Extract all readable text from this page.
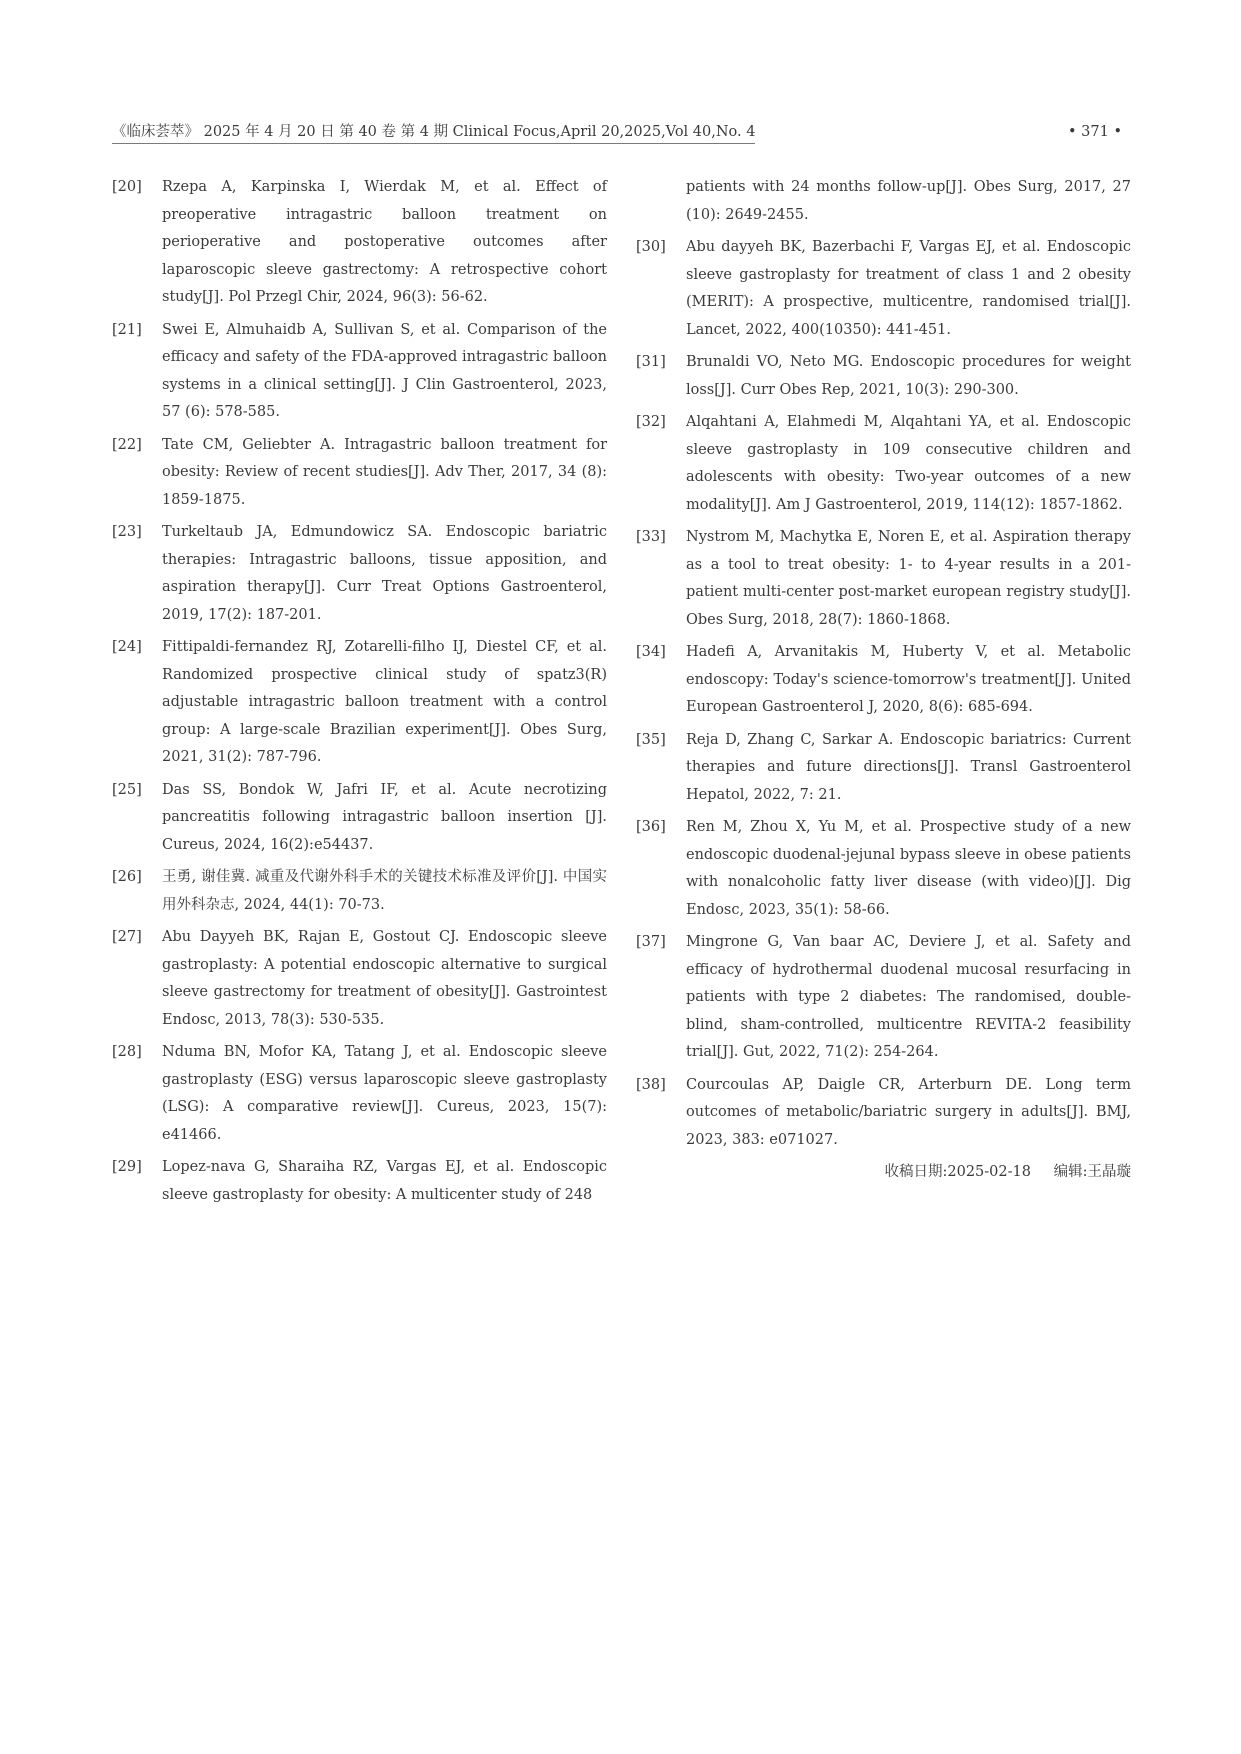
《临床荟萃》 2025 年 4 月 20 日 第 40 卷 第 4 期 Clinical Focus,April 20,2025,Vol 40,No. 4	• 371 •
[20] Rzepa A, Karpinska I, Wierdak M, et al. Effect of preoperative intragastric balloon treatment on perioperative and postoperative outcomes after laparoscopic sleeve gastrectomy: A retrospective cohort study[J]. Pol Przegl Chir, 2024, 96(3): 56-62.
[21] Swei E, Almuhaidb A, Sullivan S, et al. Comparison of the efficacy and safety of the FDA-approved intragastric balloon systems in a clinical setting[J]. J Clin Gastroenterol, 2023, 57 (6): 578-585.
[22] Tate CM, Geliebter A. Intragastric balloon treatment for obesity: Review of recent studies[J]. Adv Ther, 2017, 34 (8): 1859-1875.
[23] Turkeltaub JA, Edmundowicz SA. Endoscopic bariatric therapies: Intragastric balloons, tissue apposition, and aspiration therapy[J]. Curr Treat Options Gastroenterol, 2019, 17(2): 187-201.
[24] Fittipaldi-fernandez RJ, Zotarelli-filho IJ, Diestel CF, et al. Randomized prospective clinical study of spatz3(R) adjustable intragastric balloon treatment with a control group: A large-scale Brazilian experiment[J]. Obes Surg, 2021, 31(2): 787-796.
[25] Das SS, Bondok W, Jafri IF, et al. Acute necrotizing pancreatitis following intragastric balloon insertion [J]. Cureus, 2024, 16(2):e54437.
[26] 王勇, 谢佳冀. 减重及代谢外科手术的关键技术标准及评价[J]. 中国实用外科杂志, 2024, 44(1): 70-73.
[27] Abu Dayyeh BK, Rajan E, Gostout CJ. Endoscopic sleeve gastroplasty: A potential endoscopic alternative to surgical sleeve gastrectomy for treatment of obesity[J]. Gastrointest Endosc, 2013, 78(3): 530-535.
[28] Nduma BN, Mofor KA, Tatang J, et al. Endoscopic sleeve gastroplasty (ESG) versus laparoscopic sleeve gastroplasty (LSG): A comparative review[J]. Cureus, 2023, 15(7): e41466.
[29] Lopez-nava G, Sharaiha RZ, Vargas EJ, et al. Endoscopic sleeve gastroplasty for obesity: A multicenter study of 248
patients with 24 months follow-up[J]. Obes Surg, 2017, 27 (10): 2649-2455.
[30] Abu dayyeh BK, Bazerbachi F, Vargas EJ, et al. Endoscopic sleeve gastroplasty for treatment of class 1 and 2 obesity (MERIT): A prospective, multicentre, randomised trial[J]. Lancet, 2022, 400(10350): 441-451.
[31] Brunaldi VO, Neto MG. Endoscopic procedures for weight loss[J]. Curr Obes Rep, 2021, 10(3): 290-300.
[32] Alqahtani A, Elahmedi M, Alqahtani YA, et al. Endoscopic sleeve gastroplasty in 109 consecutive children and adolescents with obesity: Two-year outcomes of a new modality[J]. Am J Gastroenterol, 2019, 114(12): 1857-1862.
[33] Nystrom M, Machytka E, Noren E, et al. Aspiration therapy as a tool to treat obesity: 1- to 4-year results in a 201-patient multi-center post-market european registry study[J]. Obes Surg, 2018, 28(7): 1860-1868.
[34] Hadefi A, Arvanitakis M, Huberty V, et al. Metabolic endoscopy: Today's science-tomorrow's treatment[J]. United European Gastroenterol J, 2020, 8(6): 685-694.
[35] Reja D, Zhang C, Sarkar A. Endoscopic bariatrics: Current therapies and future directions[J]. Transl Gastroenterol Hepatol, 2022, 7: 21.
[36] Ren M, Zhou X, Yu M, et al. Prospective study of a new endoscopic duodenal-jejunal bypass sleeve in obese patients with nonalcoholic fatty liver disease (with video)[J]. Dig Endosc, 2023, 35(1): 58-66.
[37] Mingrone G, Van baar AC, Deviere J, et al. Safety and efficacy of hydrothermal duodenal mucosal resurfacing in patients with type 2 diabetes: The randomised, double-blind, sham-controlled, multicentre REVITA-2 feasibility trial[J]. Gut, 2022, 71(2): 254-264.
[38] Courcoulas AP, Daigle CR, Arterburn DE. Long term outcomes of metabolic/bariatric surgery in adults[J]. BMJ, 2023, 383: e071027.
收稿日期:2025-02-18 编辑:王晶璇
